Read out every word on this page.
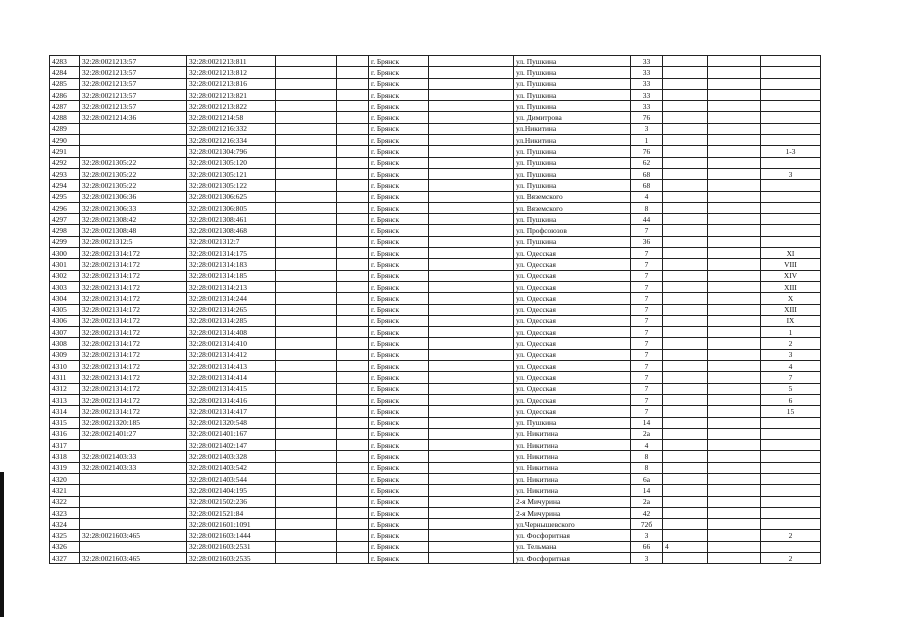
4283	32:28:0021213:57	32:28:0021213:811			г. Брянск		ул. Пушкина	33			
4284	32:28:0021213:57	32:28:0021213:812			г. Брянск		ул. Пушкина	33			
4285	32:28:0021213:57	32:28:0021213:816			г. Брянск		ул. Пушкина	33			
4286	32:28:0021213:57	32:28:0021213:821			г. Брянск		ул. Пушкина	33			
4287	32:28:0021213:57	32:28:0021213:822			г. Брянск		ул. Пушкина	33			
4288	32:28:0021214:36	32:28:0021214:58			г. Брянск		ул. Димитрова	76			
4289		32:28:0021216:332			г. Брянск		ул.Никитина	3			
4290		32:28:0021216:334			г. Брянск		ул.Никитина	1			
4291		32:28:0021304:796			г. Брянск		ул. Пушкина	76			1-3
4292	32:28:0021305:22	32:28:0021305:120			г. Брянск		ул. Пушкина	62			
4293	32:28:0021305:22	32:28:0021305:121			г. Брянск		ул. Пушкина	68			3
4294	32:28:0021305:22	32:28:0021305:122			г. Брянск		ул. Пушкина	68			
4295	32:28:0021306:36	32:28:0021306:625			г. Брянск		ул. Вяземского	4			
4296	32:28:0021306:33	32:28:0021306:805			г. Брянск		ул. Вяземского	8			
4297	32:28:0021308:42	32:28:0021308:461			г. Брянск		ул. Пушкина	44			
4298	32:28:0021308:48	32:28:0021308:468			г. Брянск		ул. Профсоюзов	7			
4299	32:28:0021312:5	32:28:0021312:7			г. Брянск		ул. Пушкина	36			
4300	32:28:0021314:172	32:28:0021314:175			г. Брянск		ул. Одесская	7			XI
4301	32:28:0021314:172	32:28:0021314:183			г. Брянск		ул. Одесская	7			VIII
4302	32:28:0021314:172	32:28:0021314:185			г. Брянск		ул. Одесская	7			XIV
4303	32:28:0021314:172	32:28:0021314:213			г. Брянск		ул. Одесская	7			XIII
4304	32:28:0021314:172	32:28:0021314:244			г. Брянск		ул. Одесская	7			X
4305	32:28:0021314:172	32:28:0021314:265			г. Брянск		ул. Одесская	7			XIII
4306	32:28:0021314:172	32:28:0021314:285			г. Брянск		ул. Одесская	7			IX
4307	32:28:0021314:172	32:28:0021314:408			г. Брянск		ул. Одесская	7			1
4308	32:28:0021314:172	32:28:0021314:410			г. Брянск		ул. Одесская	7			2
4309	32:28:0021314:172	32:28:0021314:412			г. Брянск		ул. Одесская	7			3
4310	32:28:0021314:172	32:28:0021314:413			г. Брянск		ул. Одесская	7			4
4311	32:28:0021314:172	32:28:0021314:414			г. Брянск		ул. Одесская	7			7
4312	32:28:0021314:172	32:28:0021314:415			г. Брянск		ул. Одесская	7			5
4313	32:28:0021314:172	32:28:0021314:416			г. Брянск		ул. Одесская	7			6
4314	32:28:0021314:172	32:28:0021314:417			г. Брянск		ул. Одесская	7			15
4315	32:28:0021320:185	32:28:0021320:548			г. Брянск		ул. Пушкина	14			
4316	32:28:0021401:27	32:28:0021401:167			г. Брянск		ул. Никитина	2а			
4317		32:28:0021402:147			г. Брянск		ул. Никитина	4			
4318	32:28:0021403:33	32:28:0021403:328			г. Брянск		ул. Никитина	8			
4319	32:28:0021403:33	32:28:0021403:542			г. Брянск		ул. Никитина	8			
4320		32:28:0021403:544			г. Брянск		ул. Никитина	6а			
4321		32:28:0021404:195			г. Брянск		ул. Никитина	14			
4322		32:28:0021502:236			г. Брянск		2-я Мичурина	2а			
4323		32:28:0021521:84			г. Брянск		2-я Мичурина	42			
4324		32:28:0021601:1091			г. Брянск		ул.Чернышевского	72б			
4325	32:28:0021603:465	32:28:0021603:1444			г. Брянск		ул. Фосфоритная	3			2
4326		32:28:0021603:2531			г. Брянск		ул. Тельмана	66	4		
4327	32:28:0021603:465	32:28:0021603:2535			г. Брянск		ул. Фосфоритная	3			2
